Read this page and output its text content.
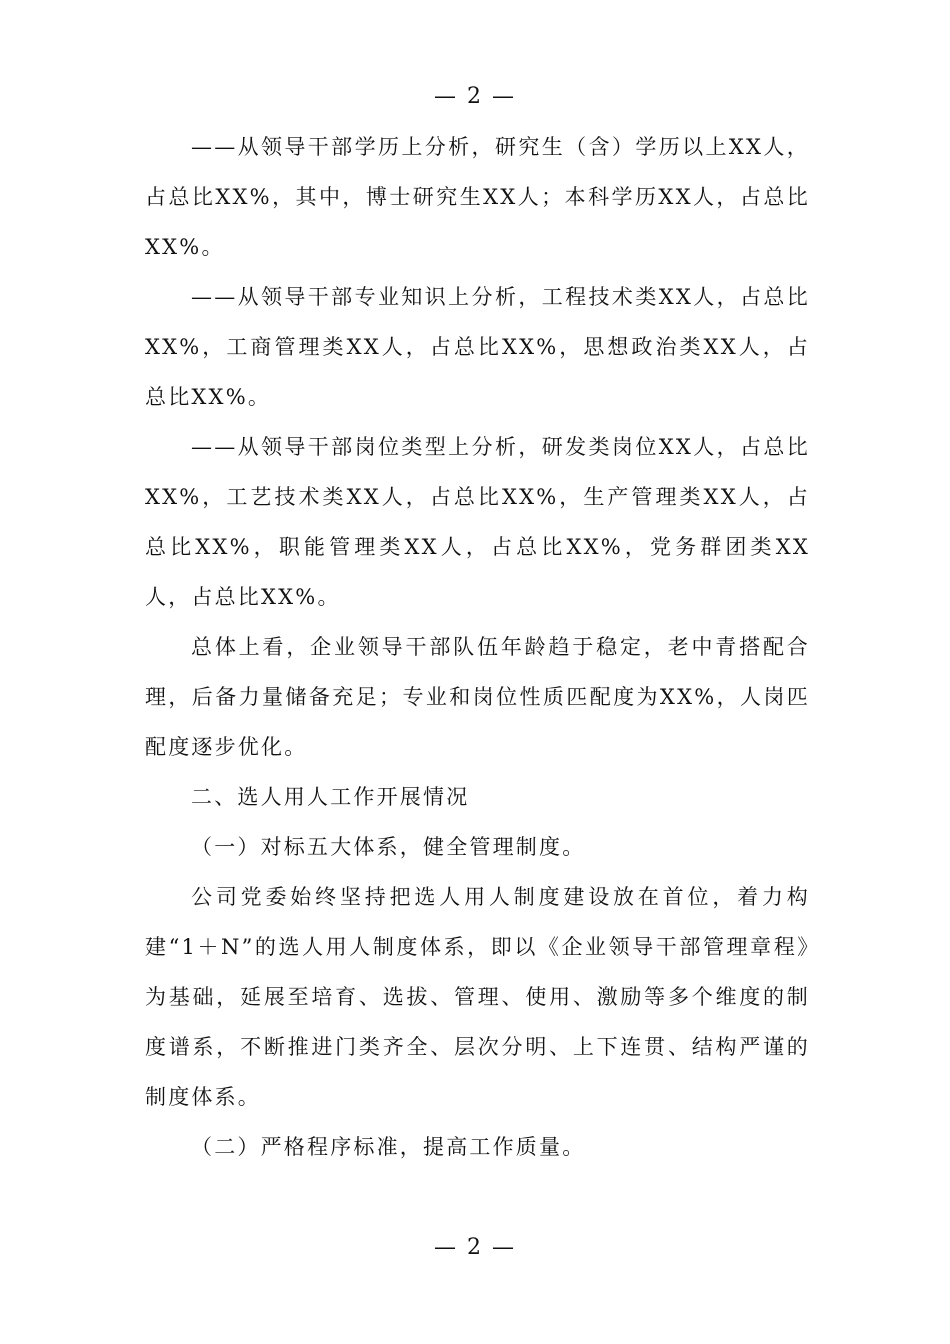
— 2 —

——从领导干部学历上分析，研究生（含）学历以上XX人，占总比XX%，其中，博士研究生XX人；本科学历XX人，占总比XX%。

——从领导干部专业知识上分析，工程技术类XX人，占总比XX%，工商管理类XX人，占总比XX%，思想政治类XX人，占总比XX%。

——从领导干部岗位类型上分析，研发类岗位XX人，占总比XX%，工艺技术类XX人，占总比XX%，生产管理类XX人，占总比XX%，职能管理类XX人，占总比XX%，党务群团类XX人，占总比XX%。

总体上看，企业领导干部队伍年龄趋于稳定，老中青搭配合理，后备力量储备充足；专业和岗位性质匹配度为XX%，人岗匹配度逐步优化。

二、选人用人工作开展情况

（一）对标五大体系，健全管理制度。

公司党委始终坚持把选人用人制度建设放在首位，着力构建“1＋N”的选人用人制度体系，即以《企业领导干部管理章程》为基础，延展至培育、选拔、管理、使用、激励等多个维度的制度谱系，不断推进门类齐全、层次分明、上下连贯、结构严谨的制度体系。

（二）严格程序标准，提高工作质量。

— 2 —
